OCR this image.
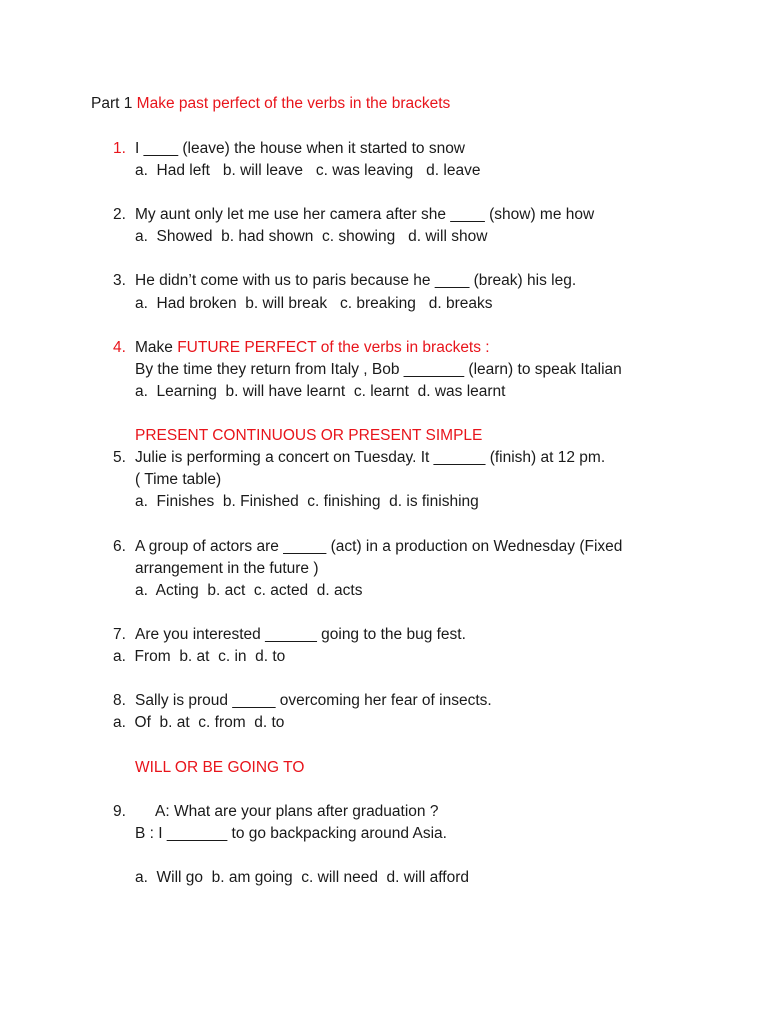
Part 1 Make past perfect of the verbs in the brackets
1. I ____ (leave) the house when it started to snow
a.  Had left   b. will leave   c. was leaving   d. leave
2. My aunt only let me use her camera after she ____ (show) me how
a.  Showed  b. had shown  c. showing   d. will show
3. He didn’t come with us to paris because he ____ (break) his leg.
a.  Had broken  b. will break   c. breaking   d. breaks
4. Make FUTURE PERFECT of the verbs in brackets :
By the time they return from Italy , Bob _______ (learn) to speak Italian
a.  Learning  b. will have learnt  c. learnt  d. was learnt
PRESENT CONTINUOUS OR PRESENT SIMPLE
5. Julie is performing a concert on Tuesday. It ______ (finish) at 12 pm.
( Time table)
a.  Finishes  b. Finished  c. finishing  d. is finishing
6. A group of actors are _____ (act) in a production on Wednesday (Fixed
arrangement in the future )
a.  Acting  b. act  c. acted  d. acts
7. Are you interested ______ going to the bug fest.
a.  From  b. at  c. in  d. to
8. Sally is proud _____ overcoming her fear of insects.
a.  Of  b. at  c. from  d. to
WILL OR BE GOING TO
9. A: What are your plans after graduation ?
B : I _______ to go backpacking around Asia.
a.  Will go  b. am going  c. will need  d. will afford
